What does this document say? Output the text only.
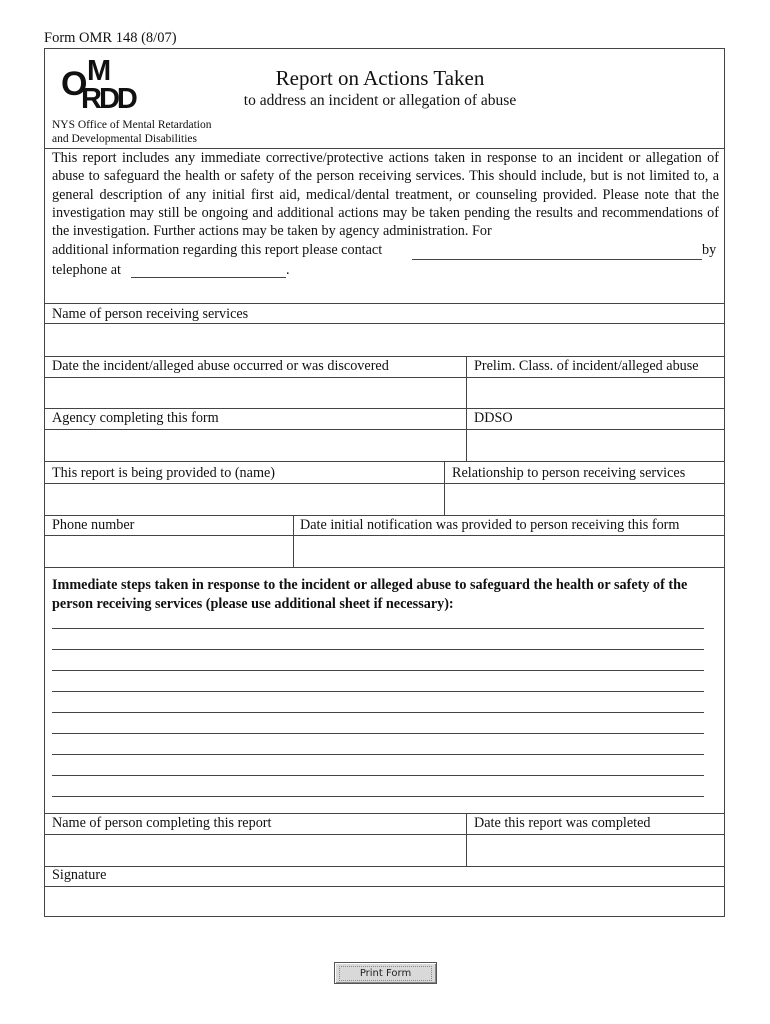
Form OMR 148 (8/07)
O M
RDD
NYS Office of Mental Retardation
and Developmental Disabilities
Report on Actions Taken
to address an incident or allegation of abuse
This report includes any immediate corrective/protective actions taken in response to an incident or allegation of abuse to safeguard the health or safety of the person receiving services. This should include, but is not limited to, a general description of any initial first aid, medical/dental treatment, or counseling provided. Please note that the investigation may still be ongoing and additional actions may be taken pending the results and recommendations of the investigation. Further actions may be taken by agency administration. For
additional information regarding this report please contact	by
telephone at	.
Name of person receiving services
Date the incident/alleged abuse occurred or was discovered	Prelim. Class. of incident/alleged abuse
Agency completing this form	DDSO
This report is being provided to (name)	Relationship to person receiving services
Phone number	Date initial notification was provided to person receiving this form
Immediate steps taken in response to the incident or alleged abuse to safeguard the health or safety of the person receiving services (please use additional sheet if necessary):
Name of person completing this report	Date this report was completed
Signature
Print Form
